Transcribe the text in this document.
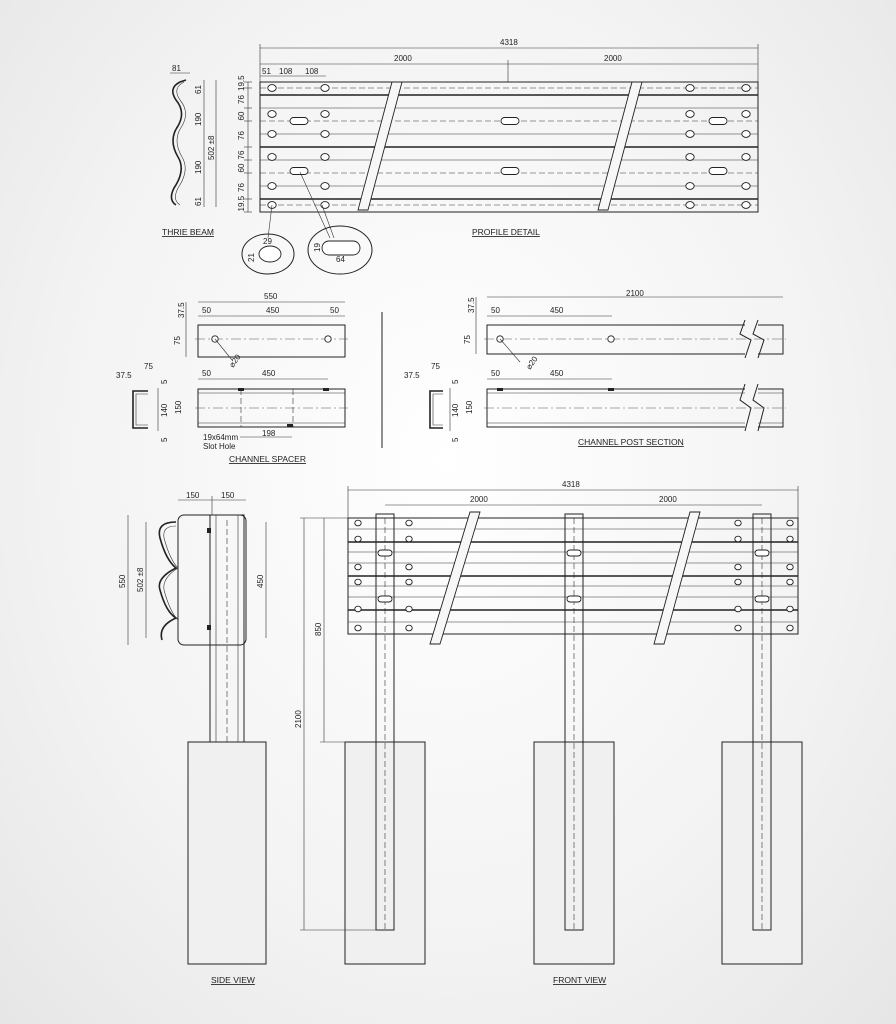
81
61
190
190
61
502 ±8
THRIE BEAM
4318
2000	2000
51 108 108
19.5
76
60
76
76
60
76
19.5
29
21	64
19
PROFILE DETAIL
550
50	450	50
⌀20
37.5
75
37.5
75
5
140 150
5
50	450
19x64mm
Slot Hole
198
CHANNEL SPACER
2100
50	450
⌀20
37.5
75
37.5
75
5
140 150
5
50	450
CHANNEL POST SECTION
150	150
550 502 ±8	450
SIDE VIEW
4318
2000	2000
850
2100
FRONT VIEW
